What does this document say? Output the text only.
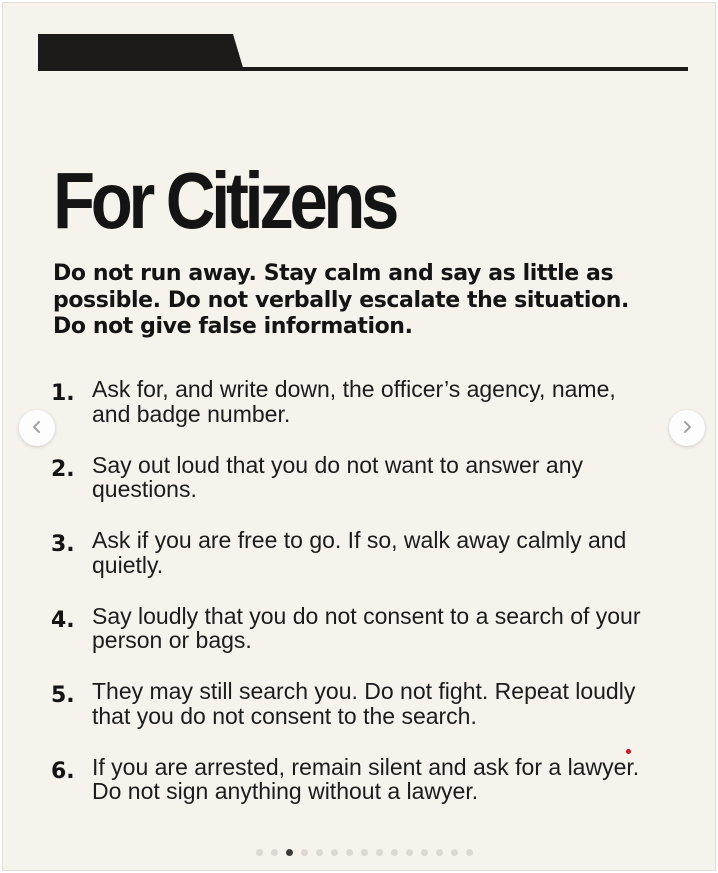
For Citizens
Do not run away. Stay calm and say as little as possible. Do not verbally escalate the situation. Do not give false information.
1. Ask for, and write down, the officer’s agency, name, and badge number.
2. Say out loud that you do not want to answer any questions.
3. Ask if you are free to go. If so, walk away calmly and quietly.
4. Say loudly that you do not consent to a search of your person or bags.
5. They may still search you. Do not fight. Repeat loudly that you do not consent to the search.
6. If you are arrested, remain silent and ask for a lawyer. Do not sign anything without a lawyer.
